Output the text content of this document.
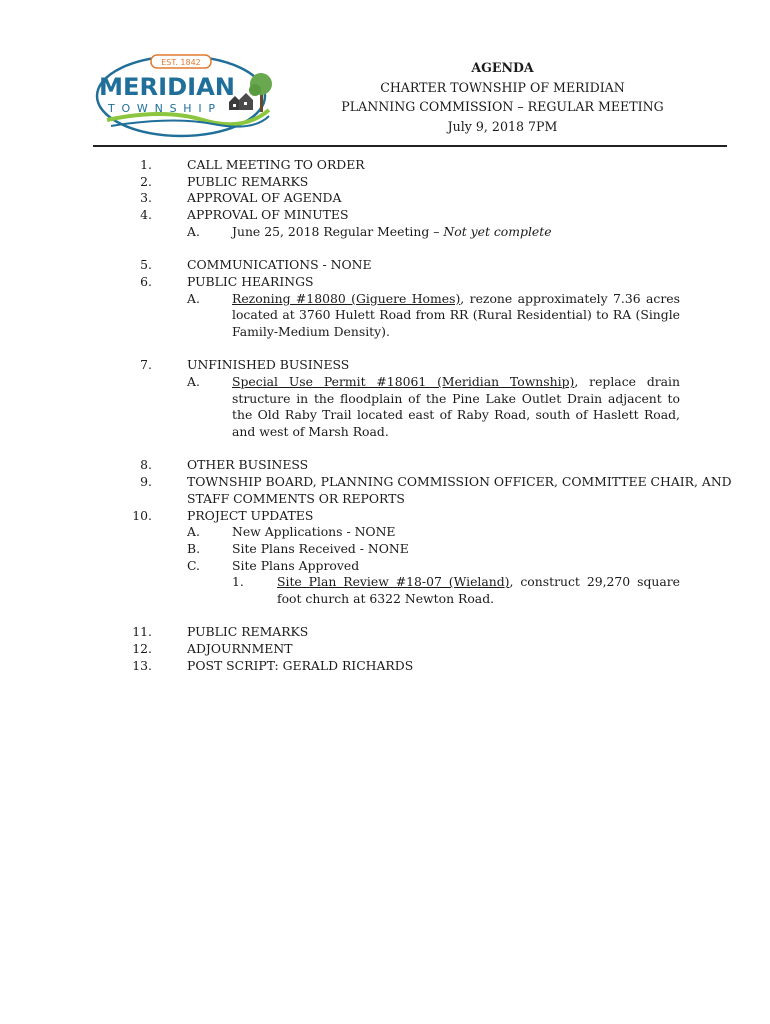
EST. 1842
MERIDIAN
TOWNSHIP
AGENDA
CHARTER TOWNSHIP OF MERIDIAN
PLANNING COMMISSION – REGULAR MEETING
July 9, 2018 7PM
1.	CALL MEETING TO ORDER
2.	PUBLIC REMARKS
3.	APPROVAL OF AGENDA
4.	APPROVAL OF MINUTES
A.	June 25, 2018 Regular Meeting – Not yet complete
5.	COMMUNICATIONS - NONE
6.	PUBLIC HEARINGS
A.	Rezoning #18080 (Giguere Homes), rezone approximately 7.36 acres located at 3760 Hulett Road from RR (Rural Residential) to RA (Single Family-Medium Density).
7.	UNFINISHED BUSINESS
A.	Special Use Permit #18061 (Meridian Township), replace drain structure in the floodplain of the Pine Lake Outlet Drain adjacent to the Old Raby Trail located east of Raby Road, south of Haslett Road, and west of Marsh Road.
8.	OTHER BUSINESS
9.	TOWNSHIP BOARD, PLANNING COMMISSION OFFICER, COMMITTEE CHAIR, AND
STAFF COMMENTS OR REPORTS
10.	PROJECT UPDATES
A.	New Applications - NONE
B.	Site Plans Received - NONE
C.	Site Plans Approved
1.	Site Plan Review #18-07 (Wieland), construct 29,270 square foot church at 6322 Newton Road.
11.	PUBLIC REMARKS
12.	ADJOURNMENT
13.	POST SCRIPT: GERALD RICHARDS
